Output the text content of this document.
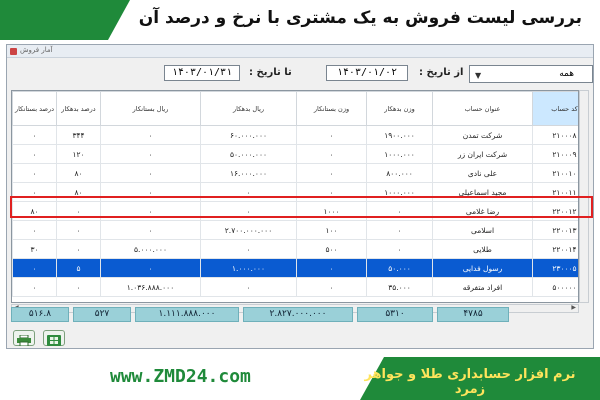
بررسی لیست فروش به یک مشتری با نرخ و درصد آن
آمار فروش
۱۴۰۳/۰۱/۳۱	تا تاریخ :	۱۴۰۳/۰۱/۰۲	از تاریخ :	همه
▼
درصد بستانکار	درصد بدهکار	ریال بستانکار	ریال بدهکار	وزن بستانکار	وزن بدهکار	عنوان حساب	کد حساب
۰	۳۴۴	۰	۶۰.۰۰۰.۰۰۰	۰	۱۹۰۰.۰۰۰	شرکت تمدن	۲۱۰۰۰۸
۰	۱۲۰	۰	۵۰.۰۰۰.۰۰۰	۰	۱۰۰۰.۰۰۰	شرکت ایران زر	۲۱۰۰۰۹
۰	۸۰	۰	۱۶.۰۰۰.۰۰۰	۰	۸۰۰.۰۰۰	علی نادی	۲۱۰۰۱۰
۰	۸۰	۰	۰	۰	۱۰۰۰.۰۰۰	مجید اسماعیلی	۲۱۰۰۱۱
۸۰	۰	۰	۰	۱۰۰۰	۰	رضا غلامی	۲۲۰۰۱۲
۰	۰	۰	۲.۷۰۰.۰۰۰.۰۰۰	۱۰۰	۰	اسلامی	۲۲۰۰۱۳
۳۰	۰	۵.۰۰۰.۰۰۰	۰	۵۰۰	۰	طلایی	۲۲۰۰۱۴
۰	۵	۰	۱.۰۰۰.۰۰۰	۰	۵۰.۰۰۰	رسول فدایی	۲۳۰۰۰۵
۰	۰	۱.۰۳۶.۸۸۸.۰۰۰	۰	۰	۳۵.۰۰۰	افراد متفرقه	۵۰۰۰۰۰
▶
۵۱۶.۸	۵۲۷	۱.۱۱۱.۸۸۸.۰۰۰	۲.۸۲۷.۰۰۰.۰۰۰	۵۳۱۰	۴۷۸۵
www.ZMD24.com	نرم افزار حسابداری طلا و جواهر زمرد
